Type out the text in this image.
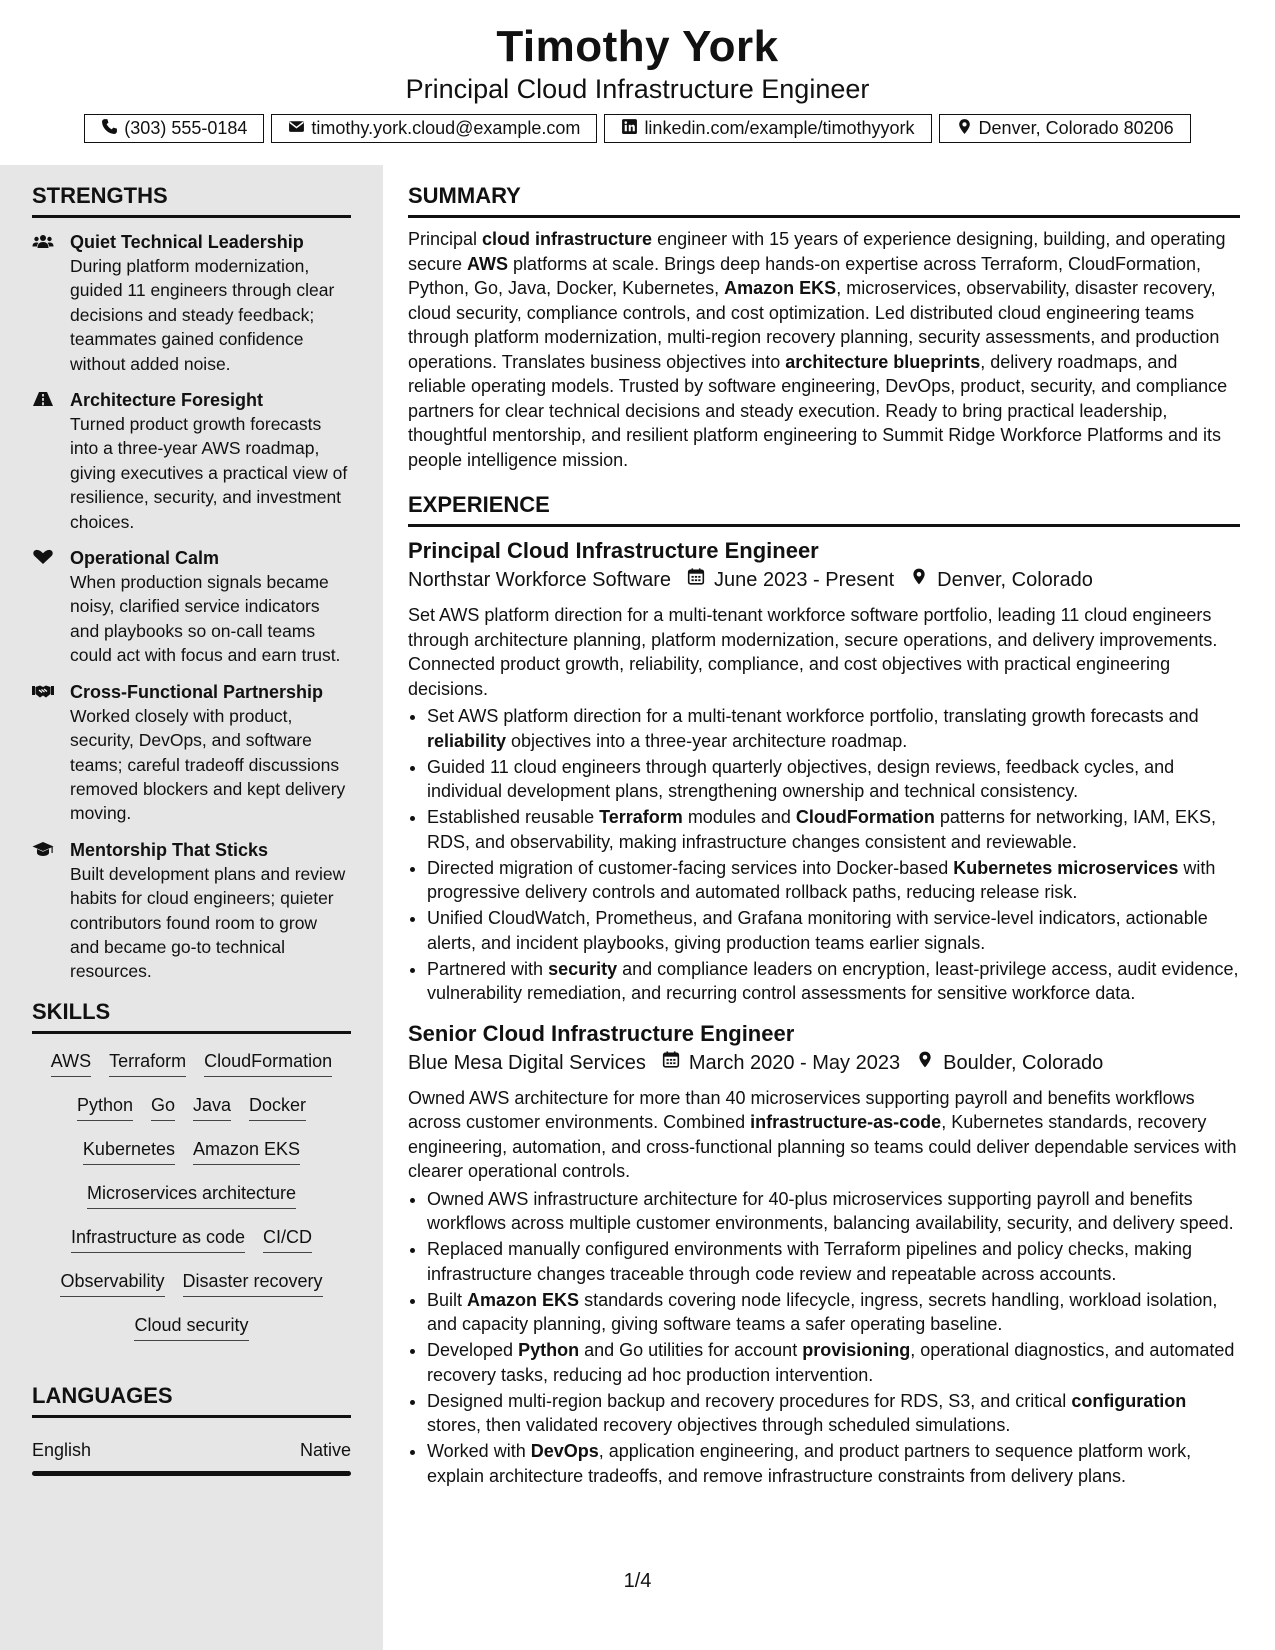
Timothy York
Principal Cloud Infrastructure Engineer
(303) 555-0184	timothy.york.cloud@example.com	linkedin.com/example/timothyyork	Denver, Colorado 80206
STRENGTHS
Quiet Technical Leadership
During platform modernization, guided 11 engineers through clear decisions and steady feedback; teammates gained confidence without added noise.
Architecture Foresight
Turned product growth forecasts into a three-year AWS roadmap, giving executives a practical view of resilience, security, and investment choices.
Operational Calm
When production signals became noisy, clarified service indicators and playbooks so on-call teams could act with focus and earn trust.
Cross-Functional Partnership
Worked closely with product, security, DevOps, and software teams; careful tradeoff discussions removed blockers and kept delivery moving.
Mentorship That Sticks
Built development plans and review habits for cloud engineers; quieter contributors found room to grow and became go-to technical resources.
SKILLS
AWS Terraform CloudFormation
Python Go Java Docker
Kubernetes Amazon EKS
Microservices architecture
Infrastructure as code CI/CD
Observability Disaster recovery
Cloud security
LANGUAGES
English	Native
SUMMARY
Principal cloud infrastructure engineer with 15 years of experience designing, building, and operating secure AWS platforms at scale. Brings deep hands-on expertise across Terraform, CloudFormation, Python, Go, Java, Docker, Kubernetes, Amazon EKS, microservices, observability, disaster recovery, cloud security, compliance controls, and cost optimization. Led distributed cloud engineering teams through platform modernization, multi-region recovery planning, security assessments, and production operations. Translates business objectives into architecture blueprints, delivery roadmaps, and reliable operating models. Trusted by software engineering, DevOps, product, security, and compliance partners for clear technical decisions and steady execution. Ready to bring practical leadership, thoughtful mentorship, and resilient platform engineering to Summit Ridge Workforce Platforms and its people intelligence mission.
EXPERIENCE
Principal Cloud Infrastructure Engineer
Northstar Workforce Software June 2023 - Present Denver, Colorado
Set AWS platform direction for a multi-tenant workforce software portfolio, leading 11 cloud engineers through architecture planning, platform modernization, secure operations, and delivery improvements. Connected product growth, reliability, compliance, and cost objectives with practical engineering decisions.
• Set AWS platform direction for a multi-tenant workforce portfolio, translating growth forecasts and reliability objectives into a three-year architecture roadmap.
• Guided 11 cloud engineers through quarterly objectives, design reviews, feedback cycles, and individual development plans, strengthening ownership and technical consistency.
• Established reusable Terraform modules and CloudFormation patterns for networking, IAM, EKS, RDS, and observability, making infrastructure changes consistent and reviewable.
• Directed migration of customer-facing services into Docker-based Kubernetes microservices with progressive delivery controls and automated rollback paths, reducing release risk.
• Unified CloudWatch, Prometheus, and Grafana monitoring with service-level indicators, actionable alerts, and incident playbooks, giving production teams earlier signals.
• Partnered with security and compliance leaders on encryption, least-privilege access, audit evidence, vulnerability remediation, and recurring control assessments for sensitive workforce data.
Senior Cloud Infrastructure Engineer
Blue Mesa Digital Services March 2020 - May 2023 Boulder, Colorado
Owned AWS architecture for more than 40 microservices supporting payroll and benefits workflows across customer environments. Combined infrastructure-as-code, Kubernetes standards, recovery engineering, automation, and cross-functional planning so teams could deliver dependable services with clearer operational controls.
• Owned AWS infrastructure architecture for 40-plus microservices supporting payroll and benefits workflows across multiple customer environments, balancing availability, security, and delivery speed.
• Replaced manually configured environments with Terraform pipelines and policy checks, making infrastructure changes traceable through code review and repeatable across accounts.
• Built Amazon EKS standards covering node lifecycle, ingress, secrets handling, workload isolation, and capacity planning, giving software teams a safer operating baseline.
• Developed Python and Go utilities for account provisioning, operational diagnostics, and automated recovery tasks, reducing ad hoc production intervention.
• Designed multi-region backup and recovery procedures for RDS, S3, and critical configuration stores, then validated recovery objectives through scheduled simulations.
• Worked with DevOps, application engineering, and product partners to sequence platform work, explain architecture tradeoffs, and remove infrastructure constraints from delivery plans.
1/4
